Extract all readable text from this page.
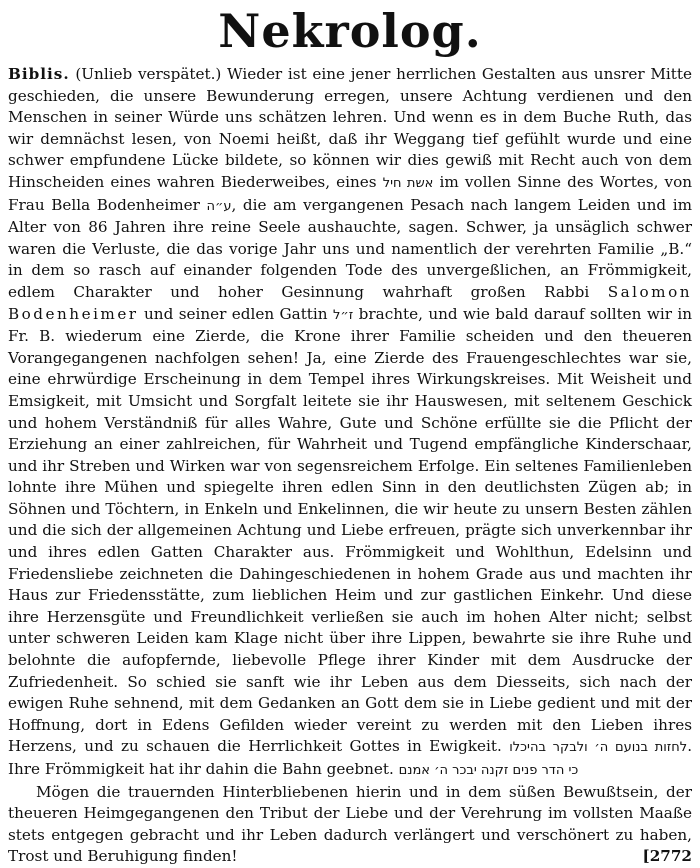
Nekrolog.

Biblis. (Unlieb verspätet.) Wieder ist eine jener herrlichen Gestalten aus unsrer Mitte geschieden, die unsere Bewunderung erregen, unsere Achtung verdienen und den Menschen in seiner Würde uns schätzen lehren. Und wenn es in dem Buche Ruth, das wir demnächst lesen, von Noemi heißt, daß ihr Weggang tief gefühlt wurde und eine schwer empfundene Lücke bildete, so können wir dies gewiß mit Recht auch von dem Hinscheiden eines wahren Biederweibes, eines אשת חיל im vollen Sinne des Wortes, von Frau Bella Bodenheimer ע״ה, die am vergangenen Pesach nach langem Leiden und im Alter von 86 Jahren ihre reine Seele aushauchte, sagen. Schwer, ja unsäglich schwer waren die Verluste, die das vorige Jahr uns und namentlich der verehrten Familie „B.“ in dem so rasch auf einander folgenden Tode des unvergeßlichen, an Frömmigkeit, edlem Charakter und hoher Gesinnung wahrhaft großen Rabbi Salomon Bodenheimer und seiner edlen Gattin ז״ל brachte, und wie bald darauf sollten wir in Fr. B. wiederum eine Zierde, die Krone ihrer Familie scheiden und den theueren Vorangegangenen nachfolgen sehen! Ja, eine Zierde des Frauengeschlechtes war sie, eine ehrwürdige Erscheinung in dem Tempel ihres Wirkungskreises. Mit Weisheit und Emsigkeit, mit Umsicht und Sorgfalt leitete sie ihr Hauswesen, mit seltenem Geschick und hohem Verständniß für alles Wahre, Gute und Schöne erfüllte sie die Pflicht der Erziehung an einer zahlreichen, für Wahrheit und Tugend empfängliche Kinderschaar, und ihr Streben und Wirken war von segensreichem Erfolge. Ein seltenes Familienleben lohnte ihre Mühen und spiegelte ihren edlen Sinn in den deutlichsten Zügen ab; in Söhnen und Töchtern, in Enkeln und Enkelinnen, die wir heute zu unsern Besten zählen und die sich der allgemeinen Achtung und Liebe erfreuen, prägte sich unverkennbar ihr und ihres edlen Gatten Charakter aus. Frömmigkeit und Wohlthun, Edelsinn und Friedensliebe zeichneten die Dahingeschiedenen in hohem Grade aus und machten ihr Haus zur Friedensstätte, zum lieblichen Heim und zur gastlichen Einkehr. Und diese ihre Herzensgüte und Freundlichkeit verließen sie auch im hohen Alter nicht; selbst unter schweren Leiden kam Klage nicht über ihre Lippen, bewahrte sie ihre Ruhe und belohnte die aufopfernde, liebevolle Pflege ihrer Kinder mit dem Ausdrucke der Zufriedenheit. So schied sie sanft wie ihr Leben aus dem Diesseits, sich nach der ewigen Ruhe sehnend, mit dem Gedanken an Gott dem sie in Liebe gedient und mit der Hoffnung, dort in Edens Gefilden wieder vereint zu werden mit den Lieben ihres Herzens, und zu schauen die Herrlichkeit Gottes in Ewigkeit. לחזות בנועם ה׳ ולבקר בהיכלו. Ihre Frömmigkeit hat ihr dahin die Bahn geebnet. כי הדר פנים זקנה יבכר ה׳ אמנם

Mögen die trauernden Hinterbliebenen hierin und in dem süßen Bewußtsein, der theueren Heimgegangenen den Tribut der Liebe und der Verehrung im vollsten Maaße stets entgegen gebracht und ihr Leben dadurch verlängert und verschönert zu haben, Trost und Beruhigung finden!	[2772
